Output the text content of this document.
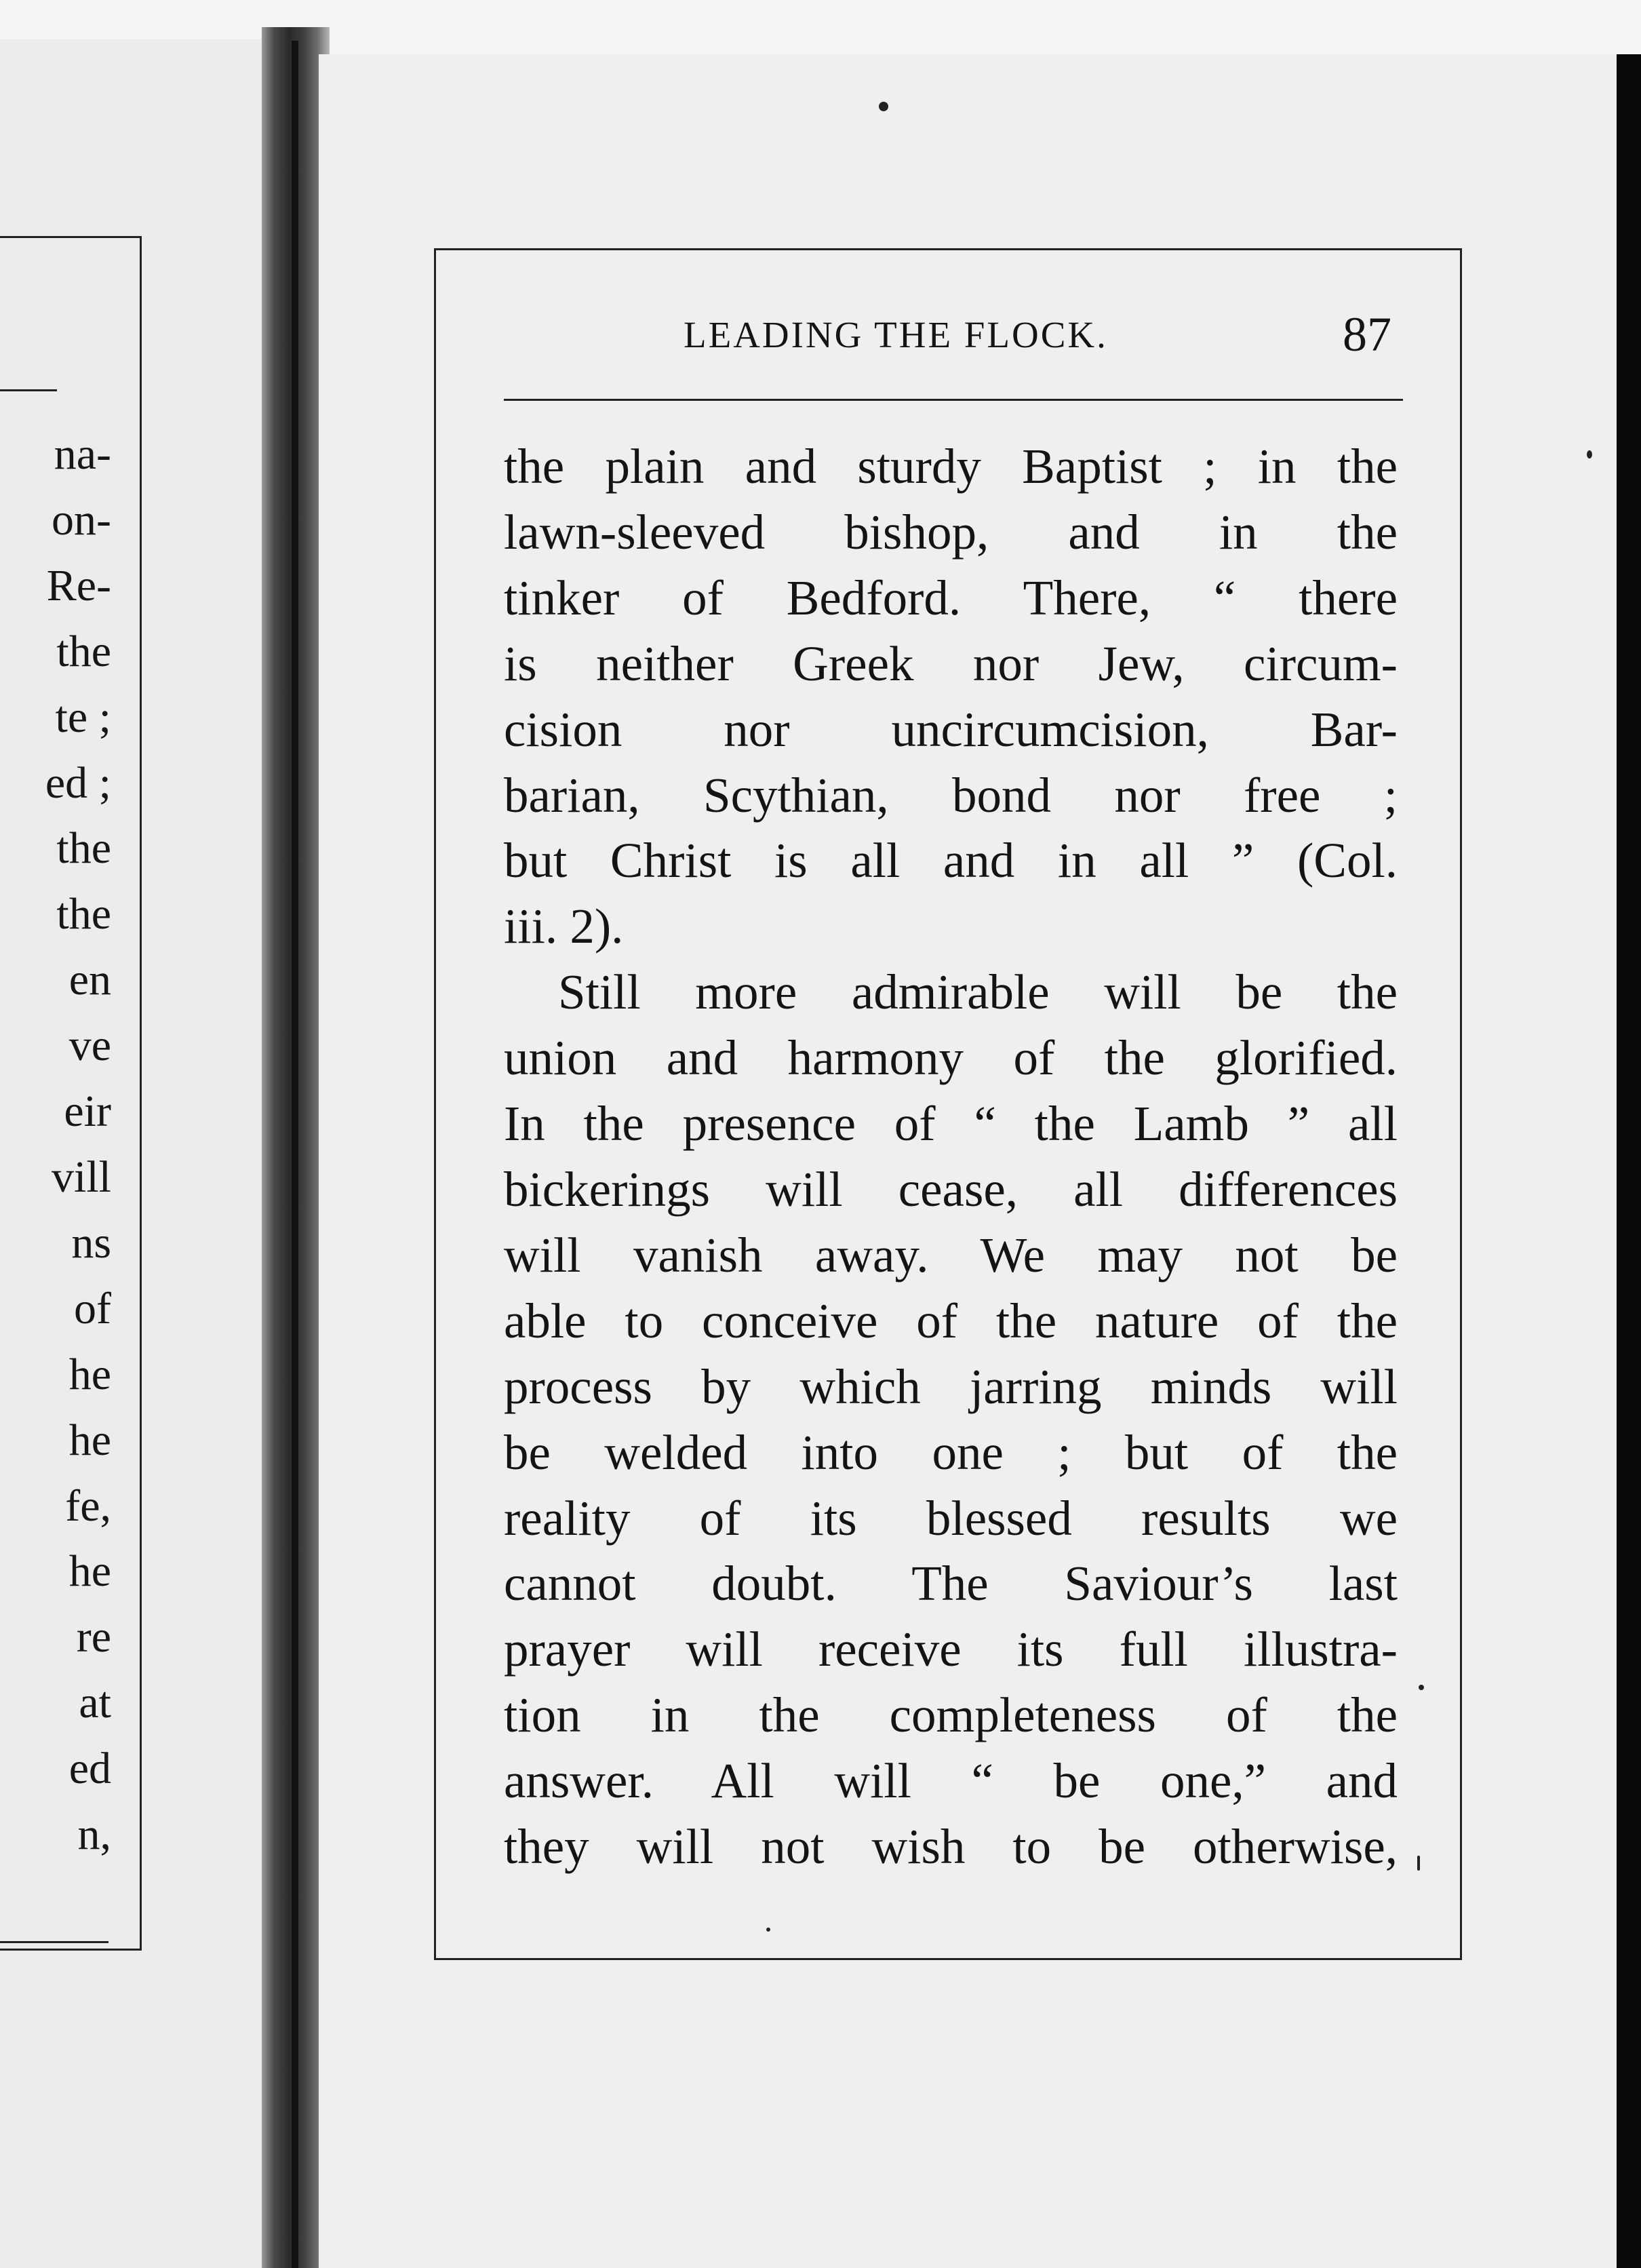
na-
on-
Re-
the
te ;
ed ;
the
the
en
ve
eir
vill
ns
of
he
he
fe,
he
re
at
ed
n,
LEADING THE FLOCK.	87
the plain and sturdy Baptist ; in the
lawn-sleeved bishop, and in the
tinker of Bedford. There, “ there
is neither Greek nor Jew, circum-
cision nor uncircumcision, Bar-
barian, Scythian, bond nor free ;
but Christ is all and in all ” (Col.
iii. 2).
Still more admirable will be the
union and harmony of the glorified.
In the presence of “ the Lamb ” all
bickerings will cease, all differences
will vanish away. We may not be
able to conceive of the nature of the
process by which jarring minds will
be welded into one ; but of the
reality of its blessed results we
cannot doubt. The Saviour’s last
prayer will receive its full illustra-
tion in the completeness of the
answer. All will “ be one,” and
they will not wish to be otherwise,
